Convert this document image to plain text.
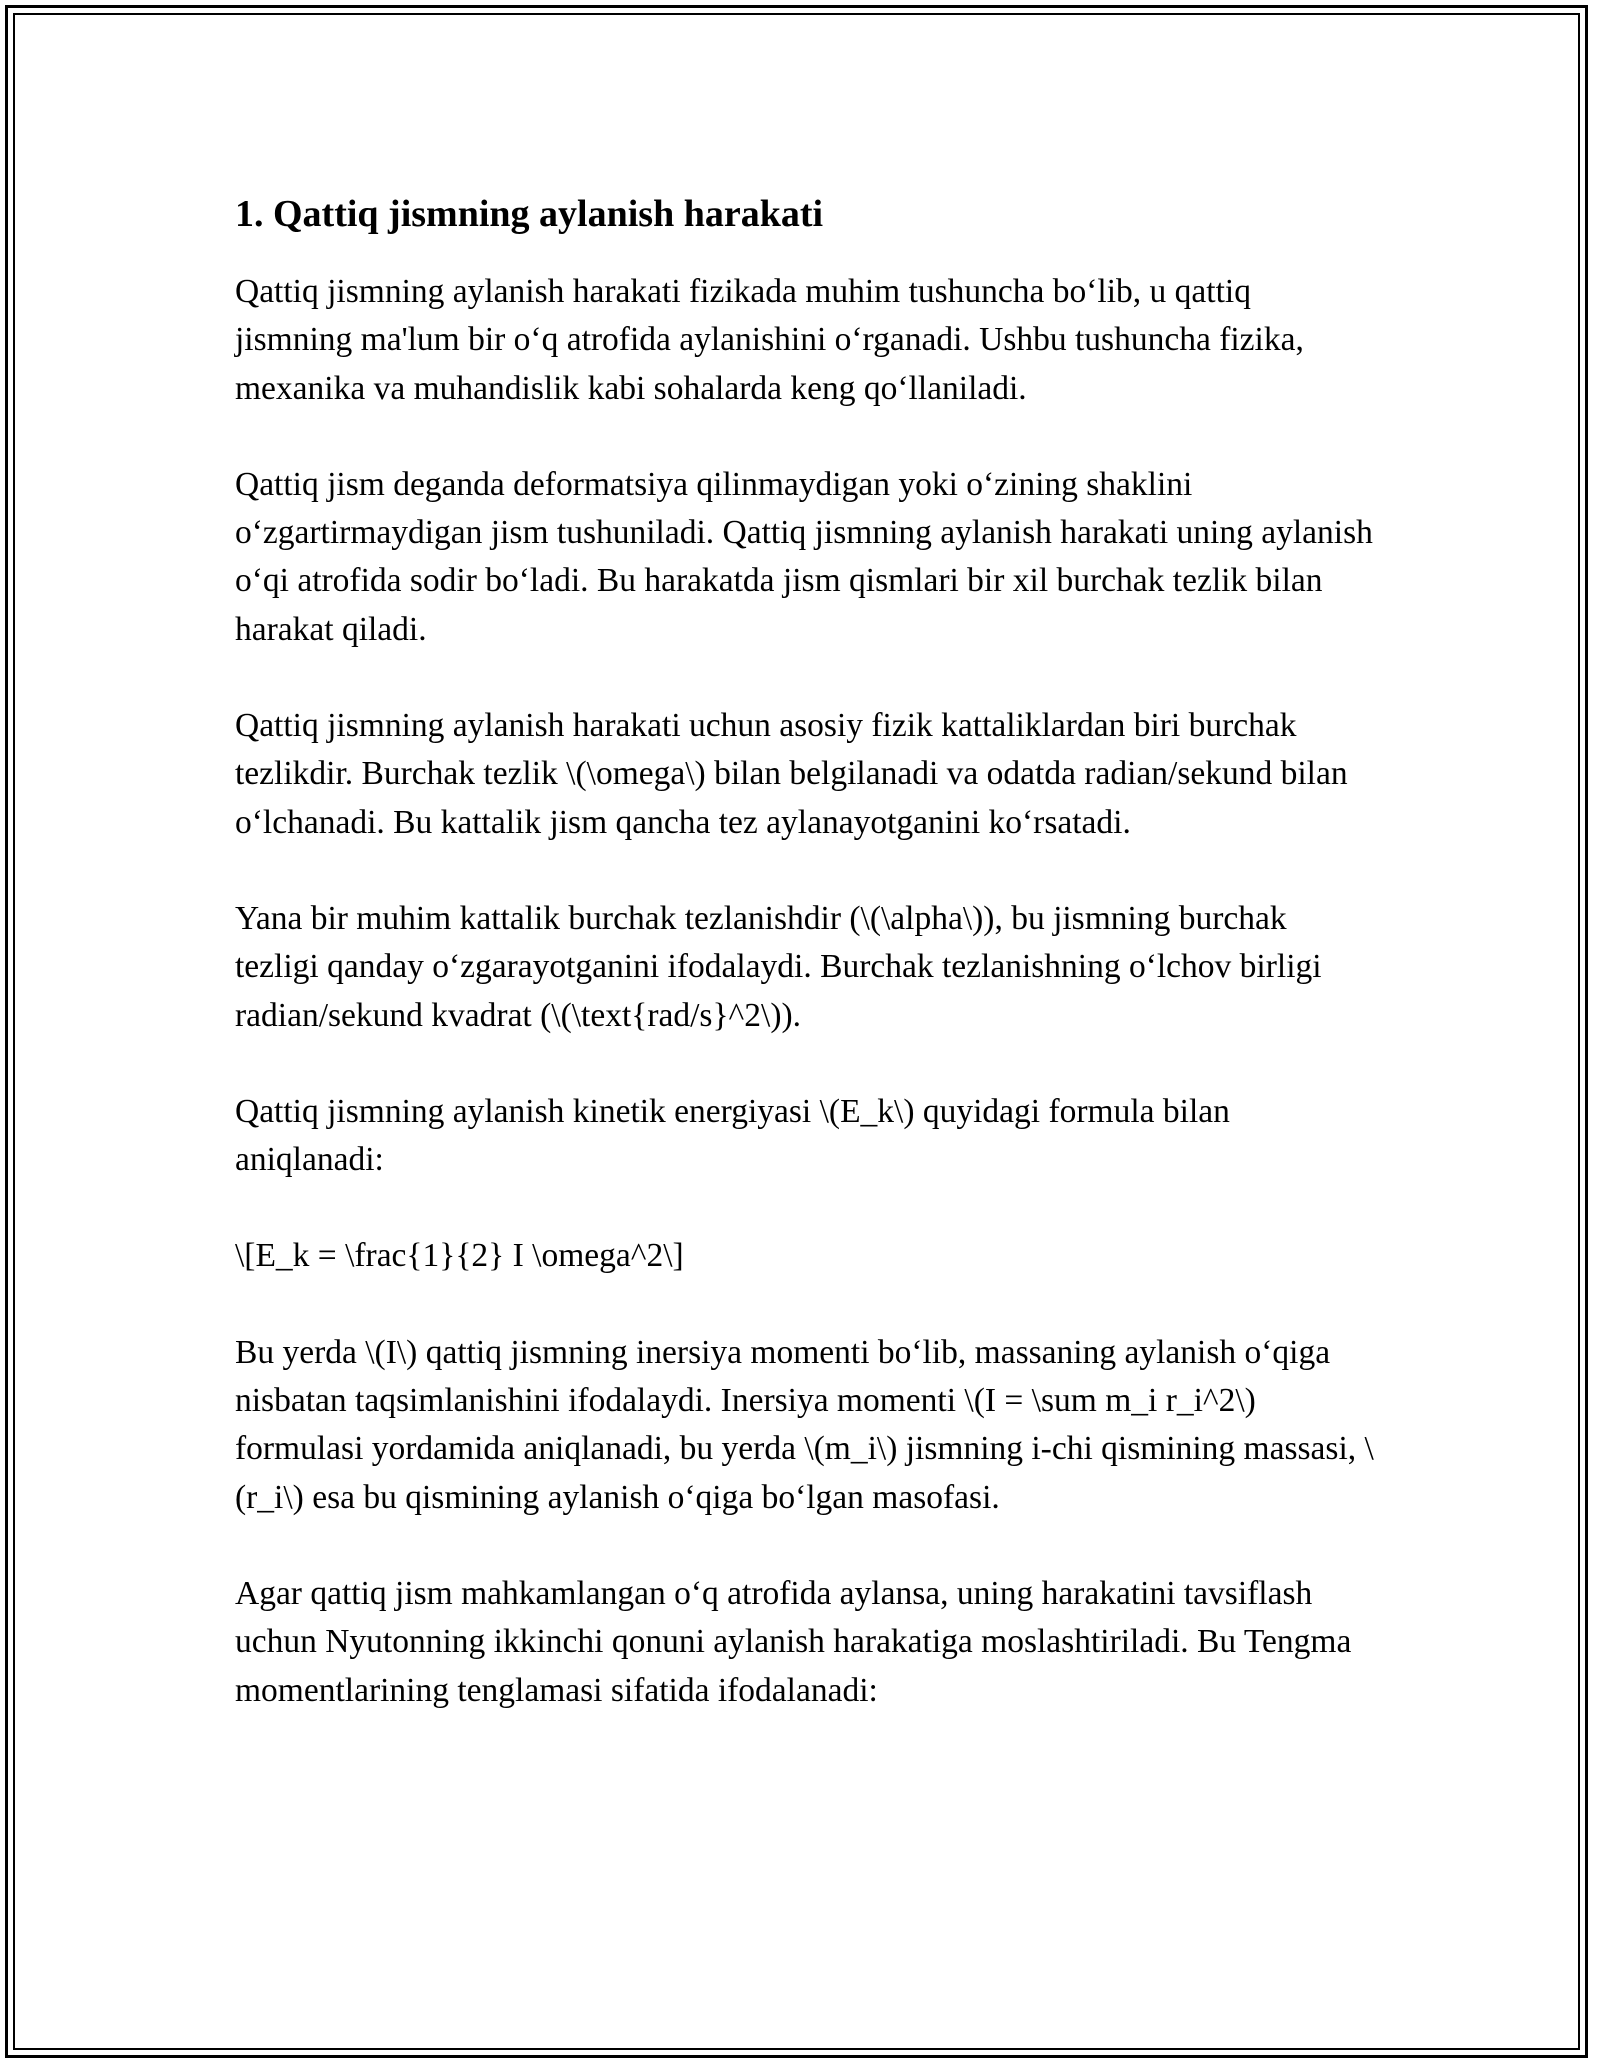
1. Qattiq jismning aylanish harakati

Qattiq jismning aylanish harakati fizikada muhim tushuncha bo‘lib, u qattiq jismning ma'lum bir o‘q atrofida aylanishini o‘rganadi. Ushbu tushuncha fizika, mexanika va muhandislik kabi sohalarda keng qo‘llaniladi.

Qattiq jism deganda deformatsiya qilinmaydigan yoki o‘zining shaklini o‘zgartirmaydigan jism tushuniladi. Qattiq jismning aylanish harakati uning aylanish o‘qi atrofida sodir bo‘ladi. Bu harakatda jism qismlari bir xil burchak tezlik bilan harakat qiladi.

Qattiq jismning aylanish harakati uchun asosiy fizik kattaliklardan biri burchak tezlikdir. Burchak tezlik \(\omega\) bilan belgilanadi va odatda radian/sekund bilan o‘lchanadi. Bu kattalik jism qancha tez aylanayotganini ko‘rsatadi.

Yana bir muhim kattalik burchak tezlanishdir (\(\alpha\)), bu jismning burchak tezligi qanday o‘zgarayotganini ifodalaydi. Burchak tezlanishning o‘lchov birligi radian/sekund kvadrat (\(\text{rad/s}^2\)).

Qattiq jismning aylanish kinetik energiyasi \(E_k\) quyidagi formula bilan aniqlanadi:

\[E_k = \frac{1}{2} I \omega^2\]

Bu yerda \(I\) qattiq jismning inersiya momenti bo‘lib, massaning aylanish o‘qiga nisbatan taqsimlanishini ifodalaydi. Inersiya momenti \(I = \sum m_i r_i^2\) formulasi yordamida aniqlanadi, bu yerda \(m_i\) jismning i-chi qismining massasi, \(r_i\) esa bu qismining aylanish o‘qiga bo‘lgan masofasi.

Agar qattiq jism mahkamlangan o‘q atrofida aylansa, uning harakatini tavsiflash uchun Nyutonning ikkinchi qonuni aylanish harakatiga moslashtiriladi. Bu Tengma momentlarining tenglamasi sifatida ifodalanadi:
